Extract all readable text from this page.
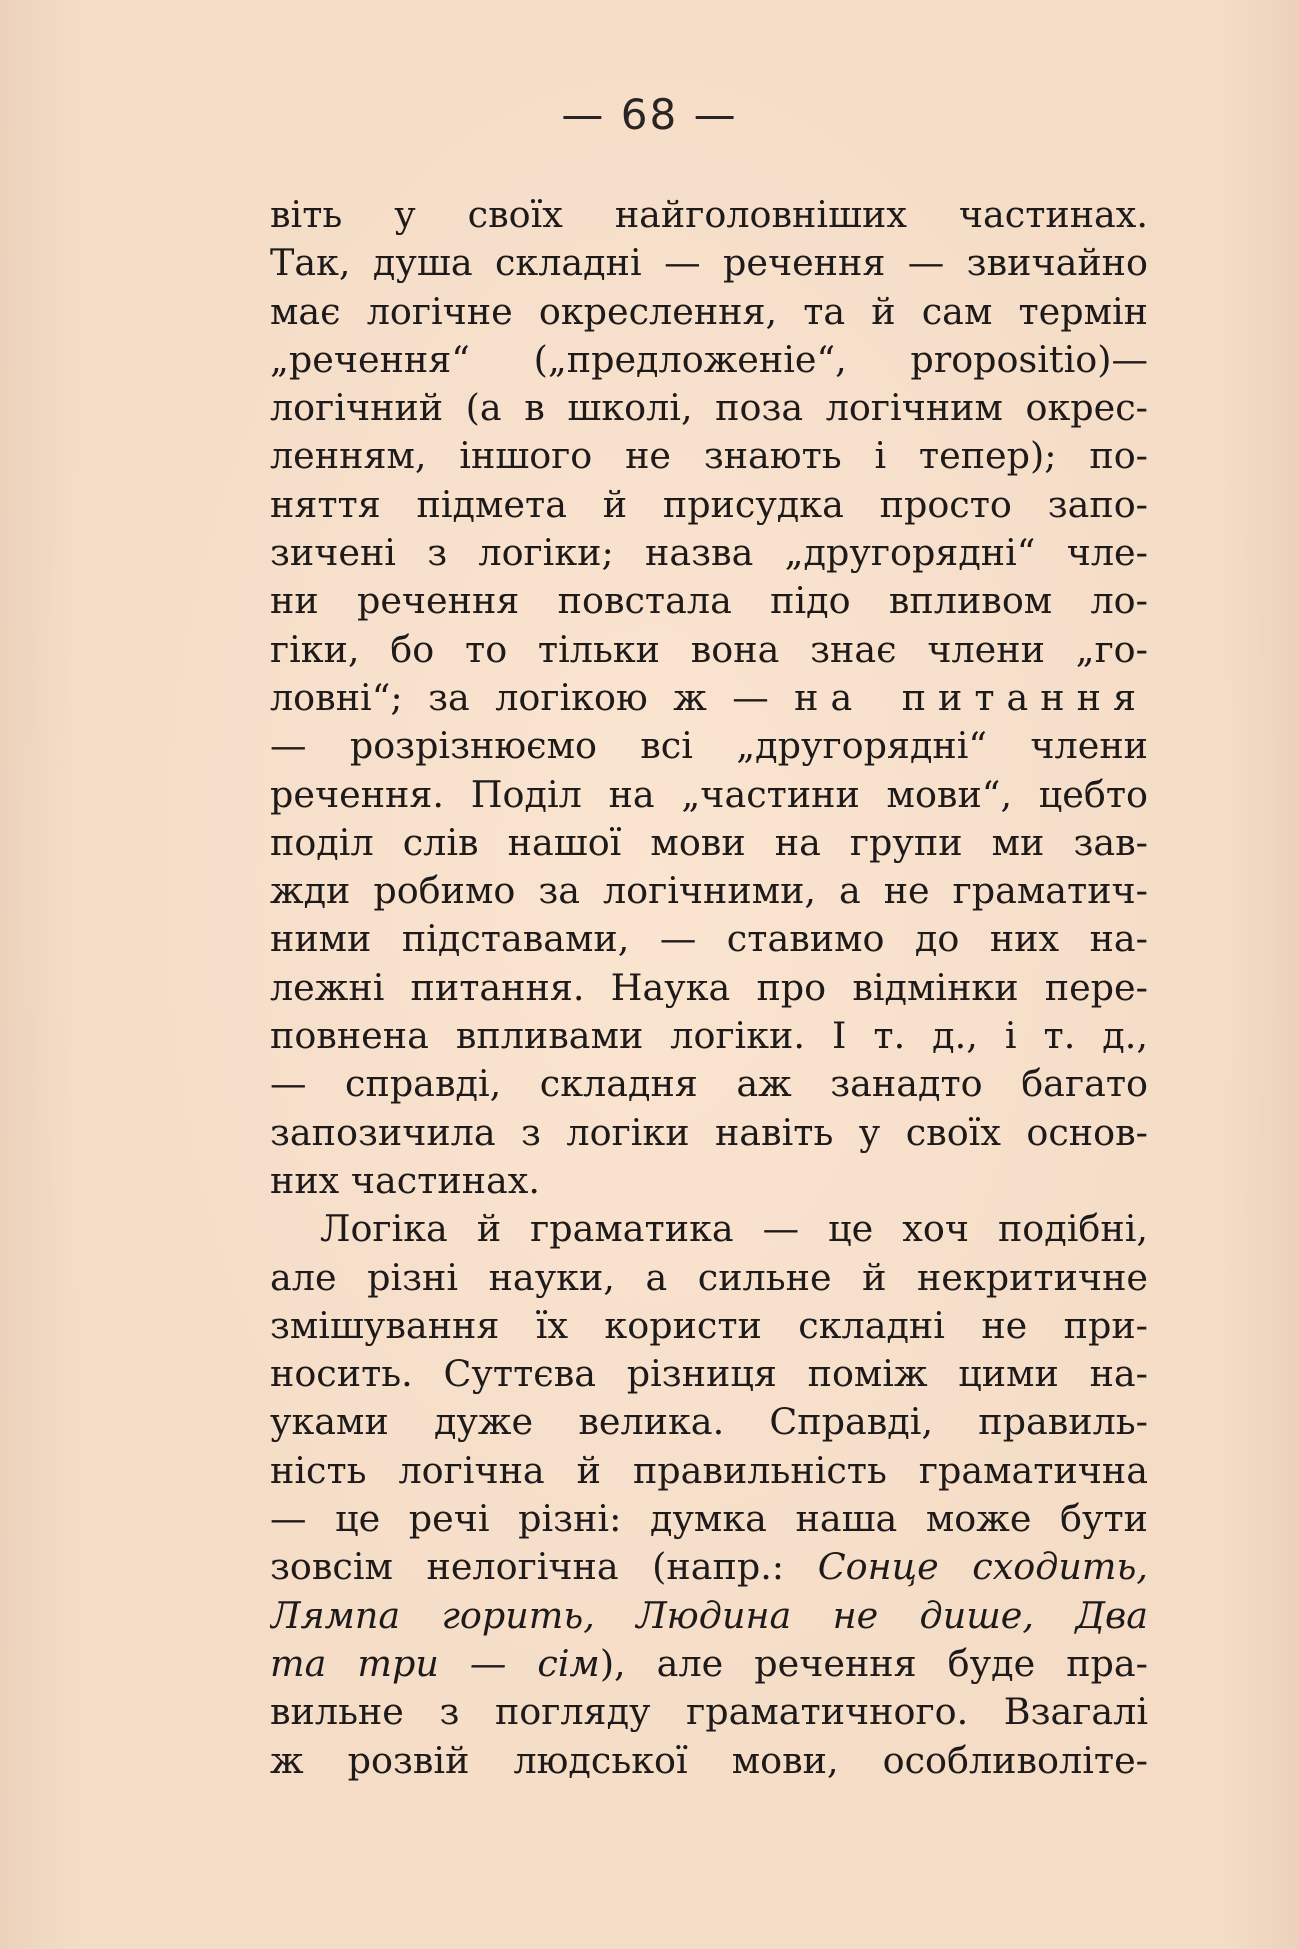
— 68 —
віть у своїх найголовніших частинах.
Так, душа складні — речення — звичайно
має логічне окреслення, та й сам термін
„речення“ („предложеніе“, propositio)—
логічний (а в школі, поза логічним окрес-
ленням, іншого не знають і тепер); по-
няття підмета й присудка просто запо-
зичені з логіки; назва „другорядні“ чле-
ни речення повстала підо впливом ло-
гіки, бо то тільки вона знає члени „го-
ловні“; за логікою ж — на питання
— розрізнюємо всі „другорядні“ члени
речення. Поділ на „частини мови“, цебто
поділ слів нашої мови на групи ми зав-
жди робимо за логічними, а не граматич-
ними підставами, — ставимо до них на-
лежні питання. Наука про відмінки пере-
повнена впливами логіки. І т. д., і т. д.,
— справді, складня аж занадто багато
запозичила з логіки навіть у своїх основ-
них частинах.
Логіка й граматика — це хоч подібні,
але різні науки, а сильне й некритичне
змішування їх користи складні не при-
носить. Суттєва різниця поміж цими на-
уками дуже велика. Справді, правиль-
ність логічна й правильність граматична
— це речі різні: думка наша може бути
зовсім нелогічна (напр.: Сонце сходить,
Лямпа горить, Людина не дише, Два
та три — сім), але речення буде пра-
вильне з погляду граматичного. Взагалі
ж розвій людської мови, особливоліте-
